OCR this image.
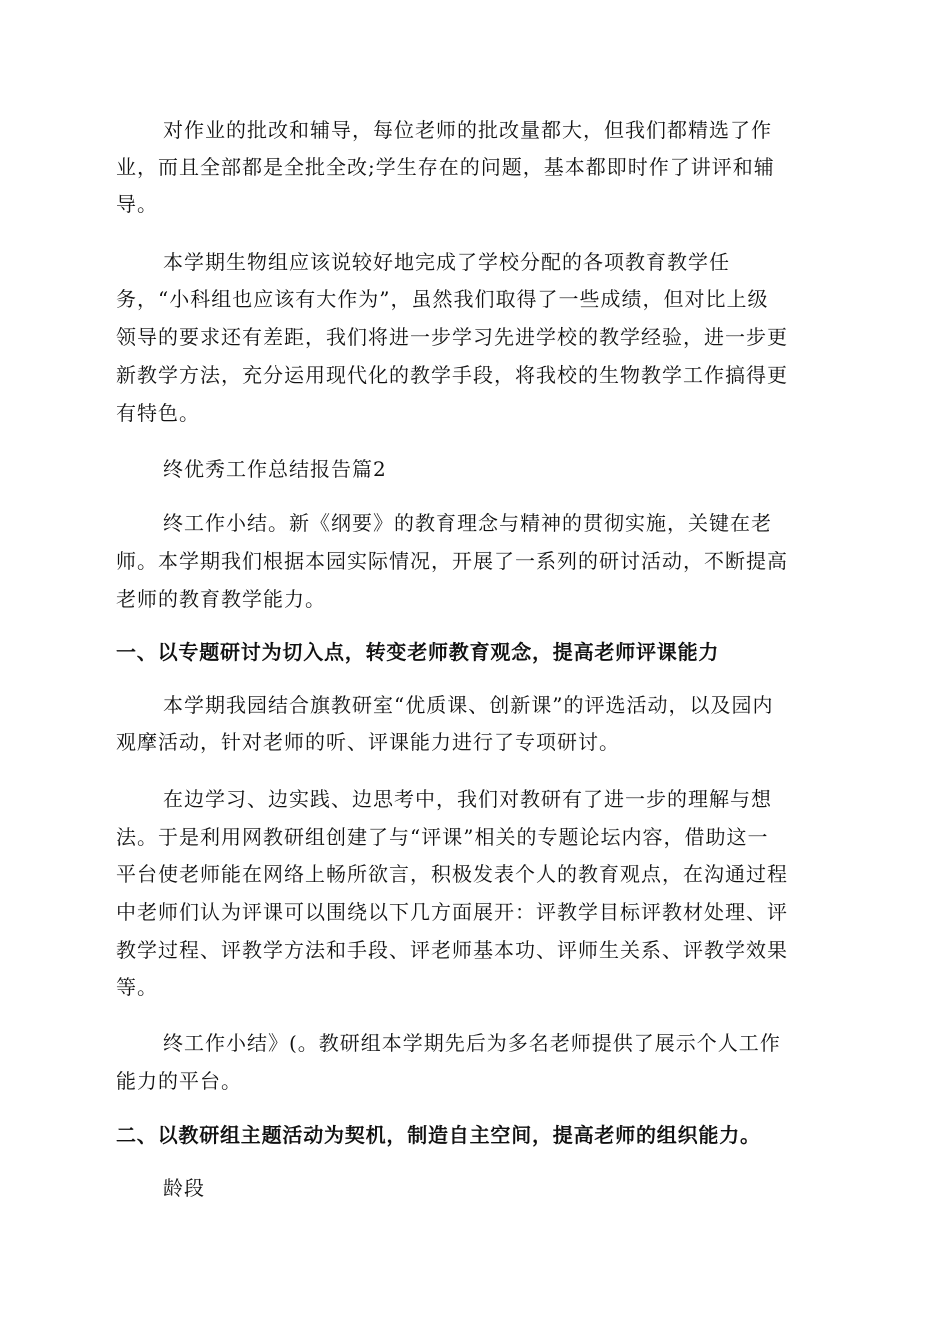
对作业的批改和辅导，每位老师的批改量都大，但我们都精选了作
业，而且全部都是全批全改;学生存在的问题，基本都即时作了讲评和辅
导。
本学期生物组应该说较好地完成了学校分配的各项教育教学任
务，“小科组也应该有大作为”，虽然我们取得了一些成绩，但对比上级
领导的要求还有差距，我们将进一步学习先进学校的教学经验，进一步更
新教学方法，充分运用现代化的教学手段，将我校的生物教学工作搞得更
有特色。
终优秀工作总结报告篇2
终工作小结。新《纲要》的教育理念与精神的贯彻实施，关键在老
师。本学期我们根据本园实际情况，开展了一系列的研讨活动，不断提高
老师的教育教学能力。
一、以专题研讨为切入点，转变老师教育观念，提高老师评课能力
本学期我园结合旗教研室“优质课、创新课”的评选活动，以及园内
观摩活动，针对老师的听、评课能力进行了专项研讨。
在边学习、边实践、边思考中，我们对教研有了进一步的理解与想
法。于是利用网教研组创建了与“评课”相关的专题论坛内容，借助这一
平台使老师能在网络上畅所欲言，积极发表个人的教育观点，在沟通过程
中老师们认为评课可以围绕以下几方面展开：评教学目标评教材处理、评
教学过程、评教学方法和手段、评老师基本功、评师生关系、评教学效果
等。
终工作小结》(。教研组本学期先后为多名老师提供了展示个人工作
能力的平台。
二、以教研组主题活动为契机，制造自主空间，提高老师的组织能力。
龄段
